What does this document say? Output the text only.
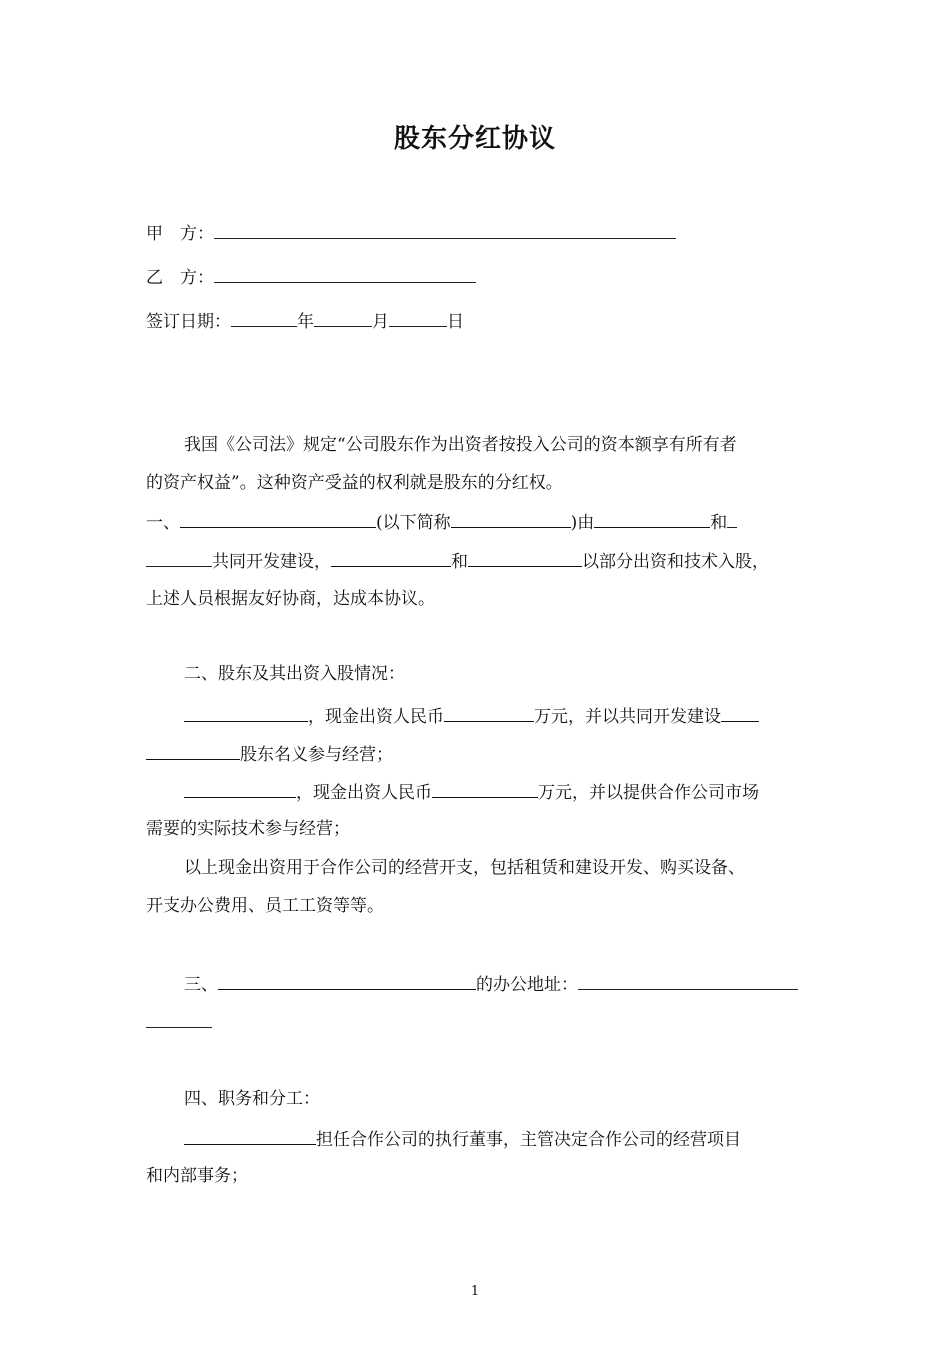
股东分红协议
甲　方：
乙　方：
签订日期：	年	月	日
我国《公司法》规定“公司股东作为出资者按投入公司的资本额享有所有者
的资产权益”。这种资产受益的权利就是股东的分红权。
一、	(以下简称	)由	和
共同开发建设，	和	以部分出资和技术入股，
上述人员根据友好协商，达成本协议。
二、股东及其出资入股情况：
，现金出资人民币	万元，并以共同开发建设
股东名义参与经营；
，现金出资人民币	万元，并以提供合作公司市场
需要的实际技术参与经营；
以上现金出资用于合作公司的经营开支，包括租赁和建设开发、购买设备、
开支办公费用、员工工资等等。
三、	的办公地址：
四、职务和分工：
担任合作公司的执行董事，主管决定合作公司的经营项目
和内部事务；
1
